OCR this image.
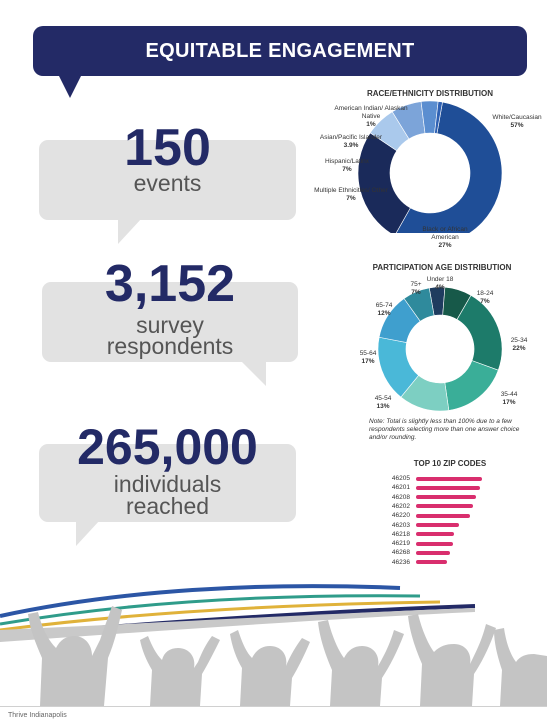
EQUITABLE ENGAGEMENT
150
events
3,152
survey
respondents
265,000
individuals
reached
RACE/ETHNICITY DISTRIBUTION
White/Caucasian
57%
Black or African American
27%
Multiple Ethnicities/ Other
7%
Hispanic/Latinx
7%
Asian/Pacific Islander
3.9%
American Indian/ Alaskan Native
1%
PARTICIPATION AGE DISTRIBUTION
Under 18
4%
18-24
7%
25-34
22%
35-44
17%
45-54
13%
55-64
17%
65-74
12%
75+
7%
Note: Total is slightly less than 100% due to a few respondents selecting more than one answer choice and/or rounding.
TOP 10 ZIP CODES
46205
46201
46208
46202
46220
46203
46218
46219
46268
46236
Thrive Indianapolis
